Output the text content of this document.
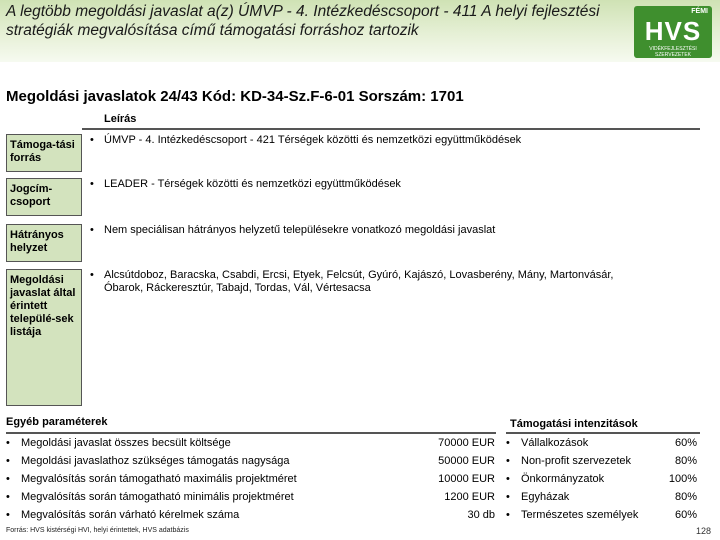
A legtöbb megoldási javaslat a(z) ÚMVP - 4. Intézkedéscsoport - 411 A helyi fejlesztési stratégiák megvalósítása című támogatási forráshoz tartozik
FÉMI
HVS
VIDÉKFEJLESZTÉSI SZERVEZETEK
Megoldási javaslatok 24/43 Kód: KD-34-Sz.F-6-01 Sorszám: 1701
Leírás
Támoga-tási forrás
• ÚMVP - 4. Intézkedéscsoport - 421 Térségek közötti és nemzetközi együttműködések
Jogcím-csoport
• LEADER - Térségek közötti és nemzetközi együttműködések
Hátrányos helyzet
• Nem speciálisan hátrányos helyzetű településekre vonatkozó megoldási javaslat
Megoldási javaslat által érintett települé-sek listája
• Alcsútdoboz, Baracska, Csabdi, Ercsi, Etyek, Felcsút, Gyúró, Kajászó, Lovasberény, Mány, Martonvásár,
Óbarok, Ráckeresztúr, Tabajd, Tordas, Vál, Vértesacsa
Egyéb paraméterek	Támogatási intenzitások
• Megoldási javaslat összes becsült költsége
• Megoldási javaslathoz szükséges támogatás nagysága
• Megvalósítás során támogatható maximális projektméret
• Megvalósítás során támogatható minimális projektméret
• Megvalósítás során várható kérelmek száma
70000 EUR
50000 EUR
10000 EUR
1200 EUR
30 db
• Vállalkozások
• Non-profit szervezetek
• Önkormányzatok
• Egyházak
• Természetes személyek
60%
80%
100%
80%
60%
Forrás: HVS kistérségi HVI, helyi érintettek, HVS adatbázis	128
